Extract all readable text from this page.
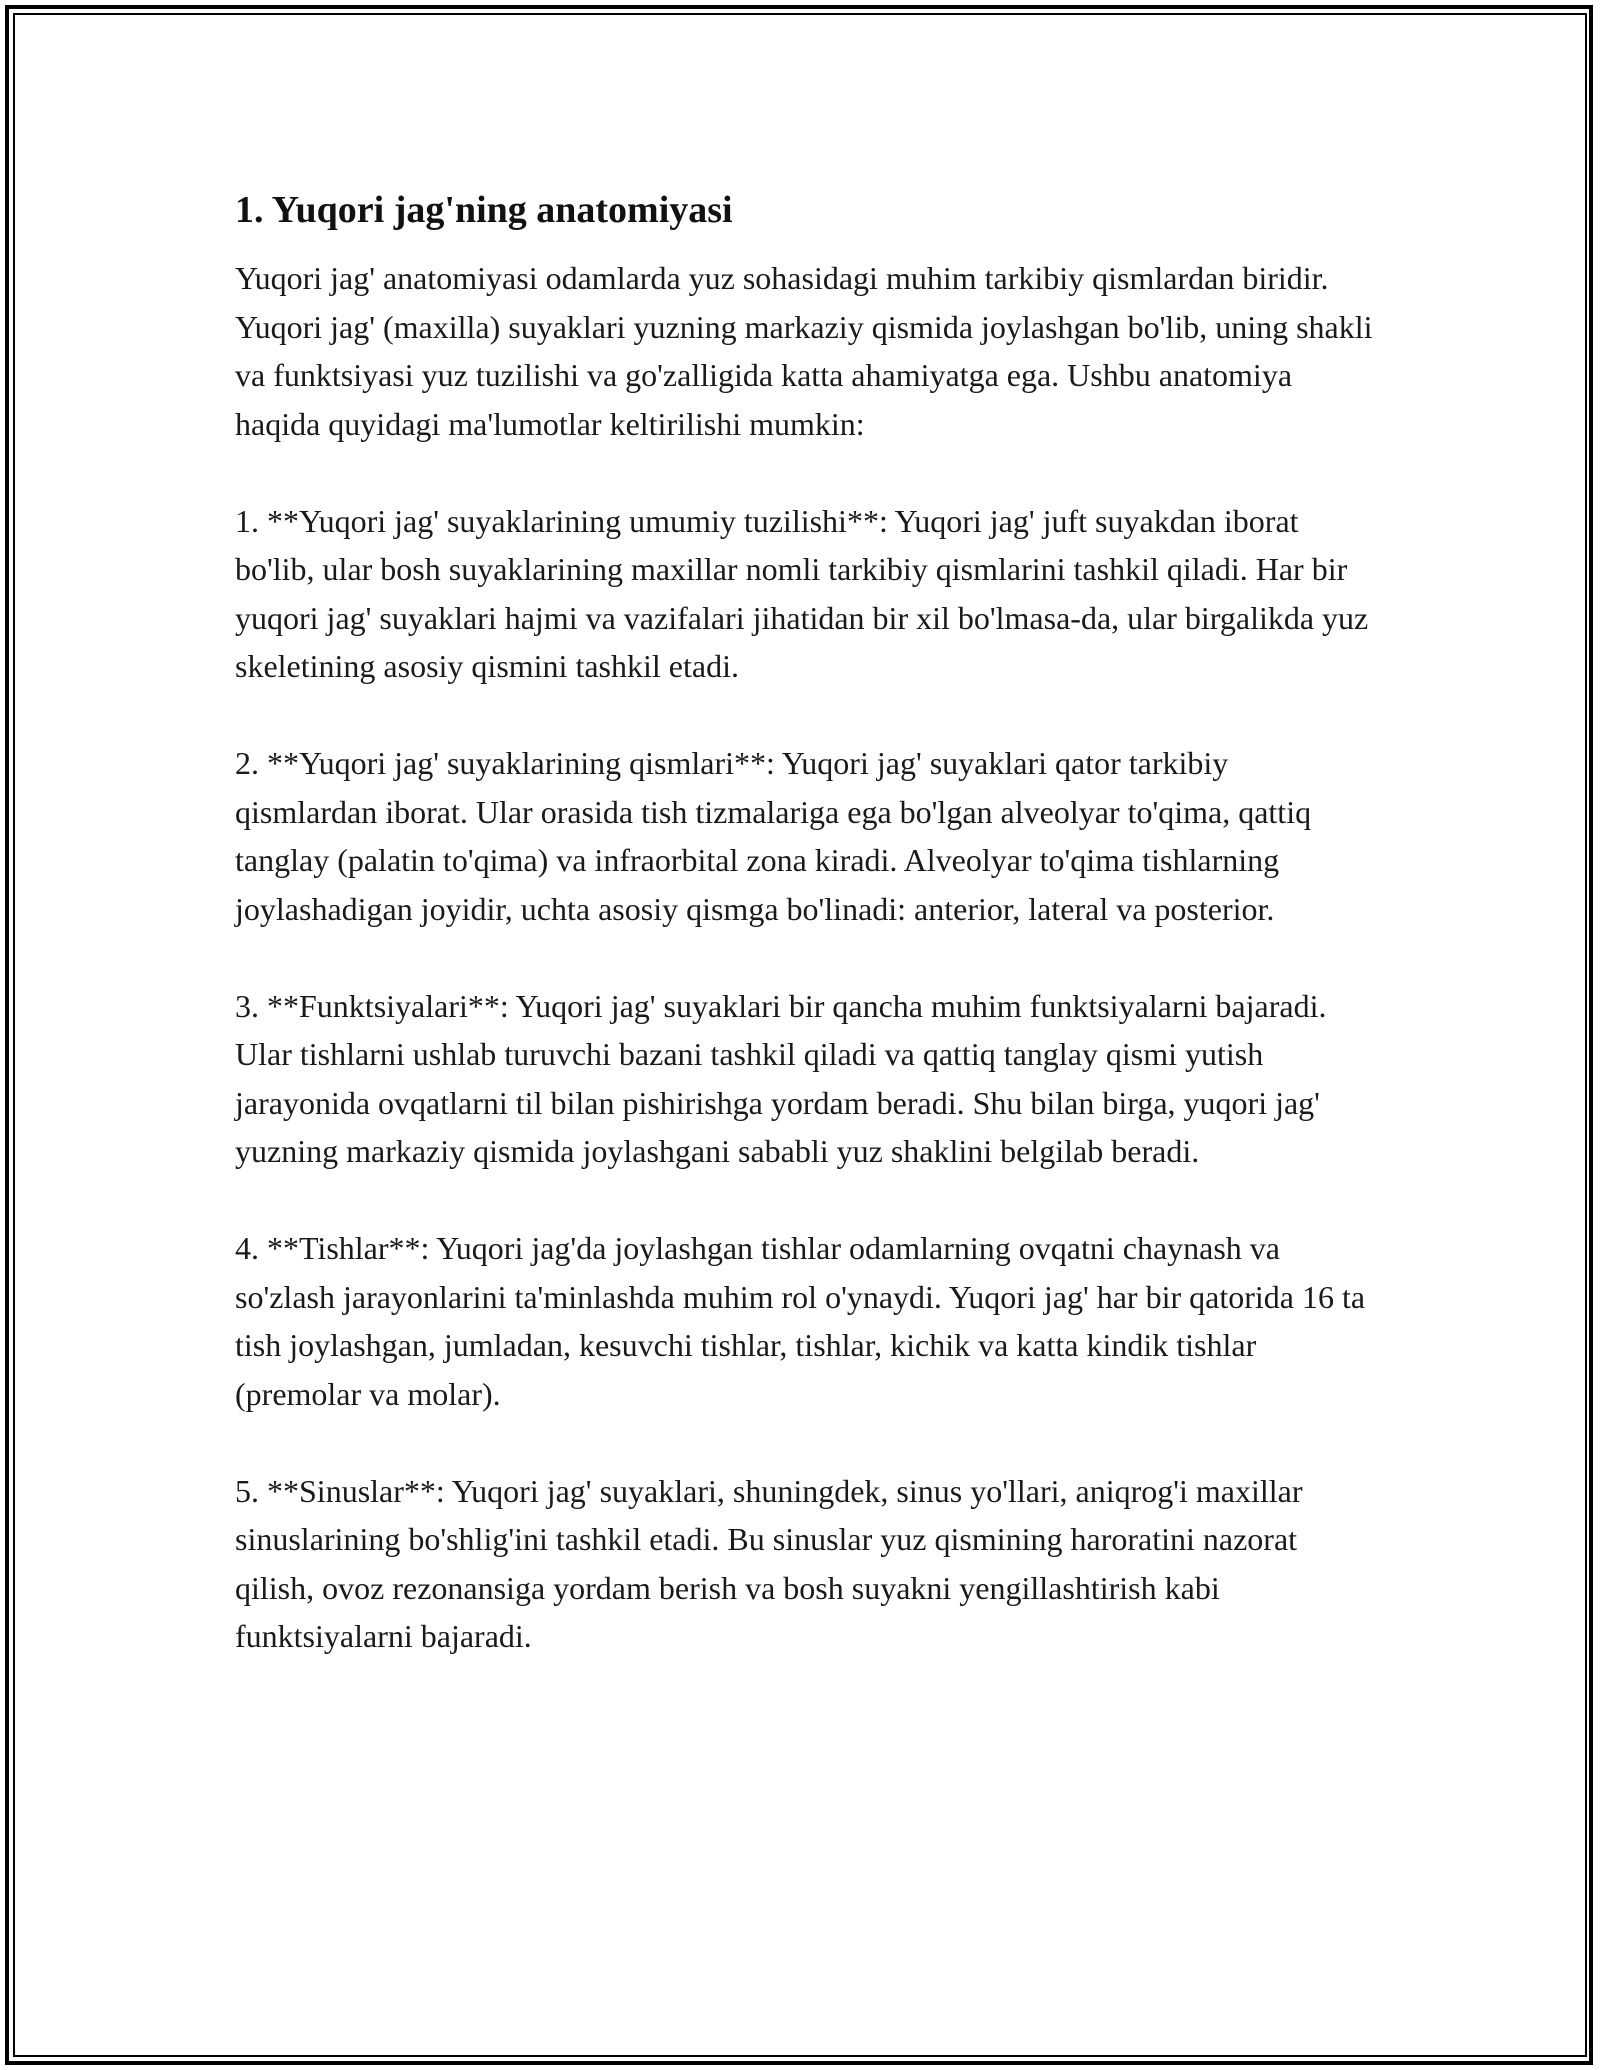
1. Yuqori jag'ning anatomiyasi

Yuqori jag' anatomiyasi odamlarda yuz sohasidagi muhim tarkibiy qismlardan biridir. Yuqori jag' (maxilla) suyaklari yuzning markaziy qismida joylashgan bo'lib, uning shakli va funktsiyasi yuz tuzilishi va go'zalligida katta ahamiyatga ega. Ushbu anatomiya haqida quyidagi ma'lumotlar keltirilishi mumkin:

1. **Yuqori jag' suyaklarining umumiy tuzilishi**: Yuqori jag' juft suyakdan iborat bo'lib, ular bosh suyaklarining maxillar nomli tarkibiy qismlarini tashkil qiladi. Har bir yuqori jag' suyaklari hajmi va vazifalari jihatidan bir xil bo'lmasa-da, ular birgalikda yuz skeletining asosiy qismini tashkil etadi.

2. **Yuqori jag' suyaklarining qismlari**: Yuqori jag' suyaklari qator tarkibiy qismlardan iborat. Ular orasida tish tizmalariga ega bo'lgan alveolyar to'qima, qattiq tanglay (palatin to'qima) va infraorbital zona kiradi. Alveolyar to'qima tishlarning joylashadigan joyidir, uchta asosiy qismga bo'linadi: anterior, lateral va posterior.

3. **Funktsiyalari**: Yuqori jag' suyaklari bir qancha muhim funktsiyalarni bajaradi. Ular tishlarni ushlab turuvchi bazani tashkil qiladi va qattiq tanglay qismi yutish jarayonida ovqatlarni til bilan pishirishga yordam beradi. Shu bilan birga, yuqori jag' yuzning markaziy qismida joylashgani sababli yuz shaklini belgilab beradi.

4. **Tishlar**: Yuqori jag'da joylashgan tishlar odamlarning ovqatni chaynash va so'zlash jarayonlarini ta'minlashda muhim rol o'ynaydi. Yuqori jag' har bir qatorida 16 ta tish joylashgan, jumladan, kesuvchi tishlar, tishlar, kichik va katta kindik tishlar (premolar va molar).

5. **Sinuslar**: Yuqori jag' suyaklari, shuningdek, sinus yo'llari, aniqrog'i maxillar sinuslarining bo'shlig'ini tashkil etadi. Bu sinuslar yuz qismining haroratini nazorat qilish, ovoz rezonansiga yordam berish va bosh suyakni yengillashtirish kabi funktsiyalarni bajaradi.
